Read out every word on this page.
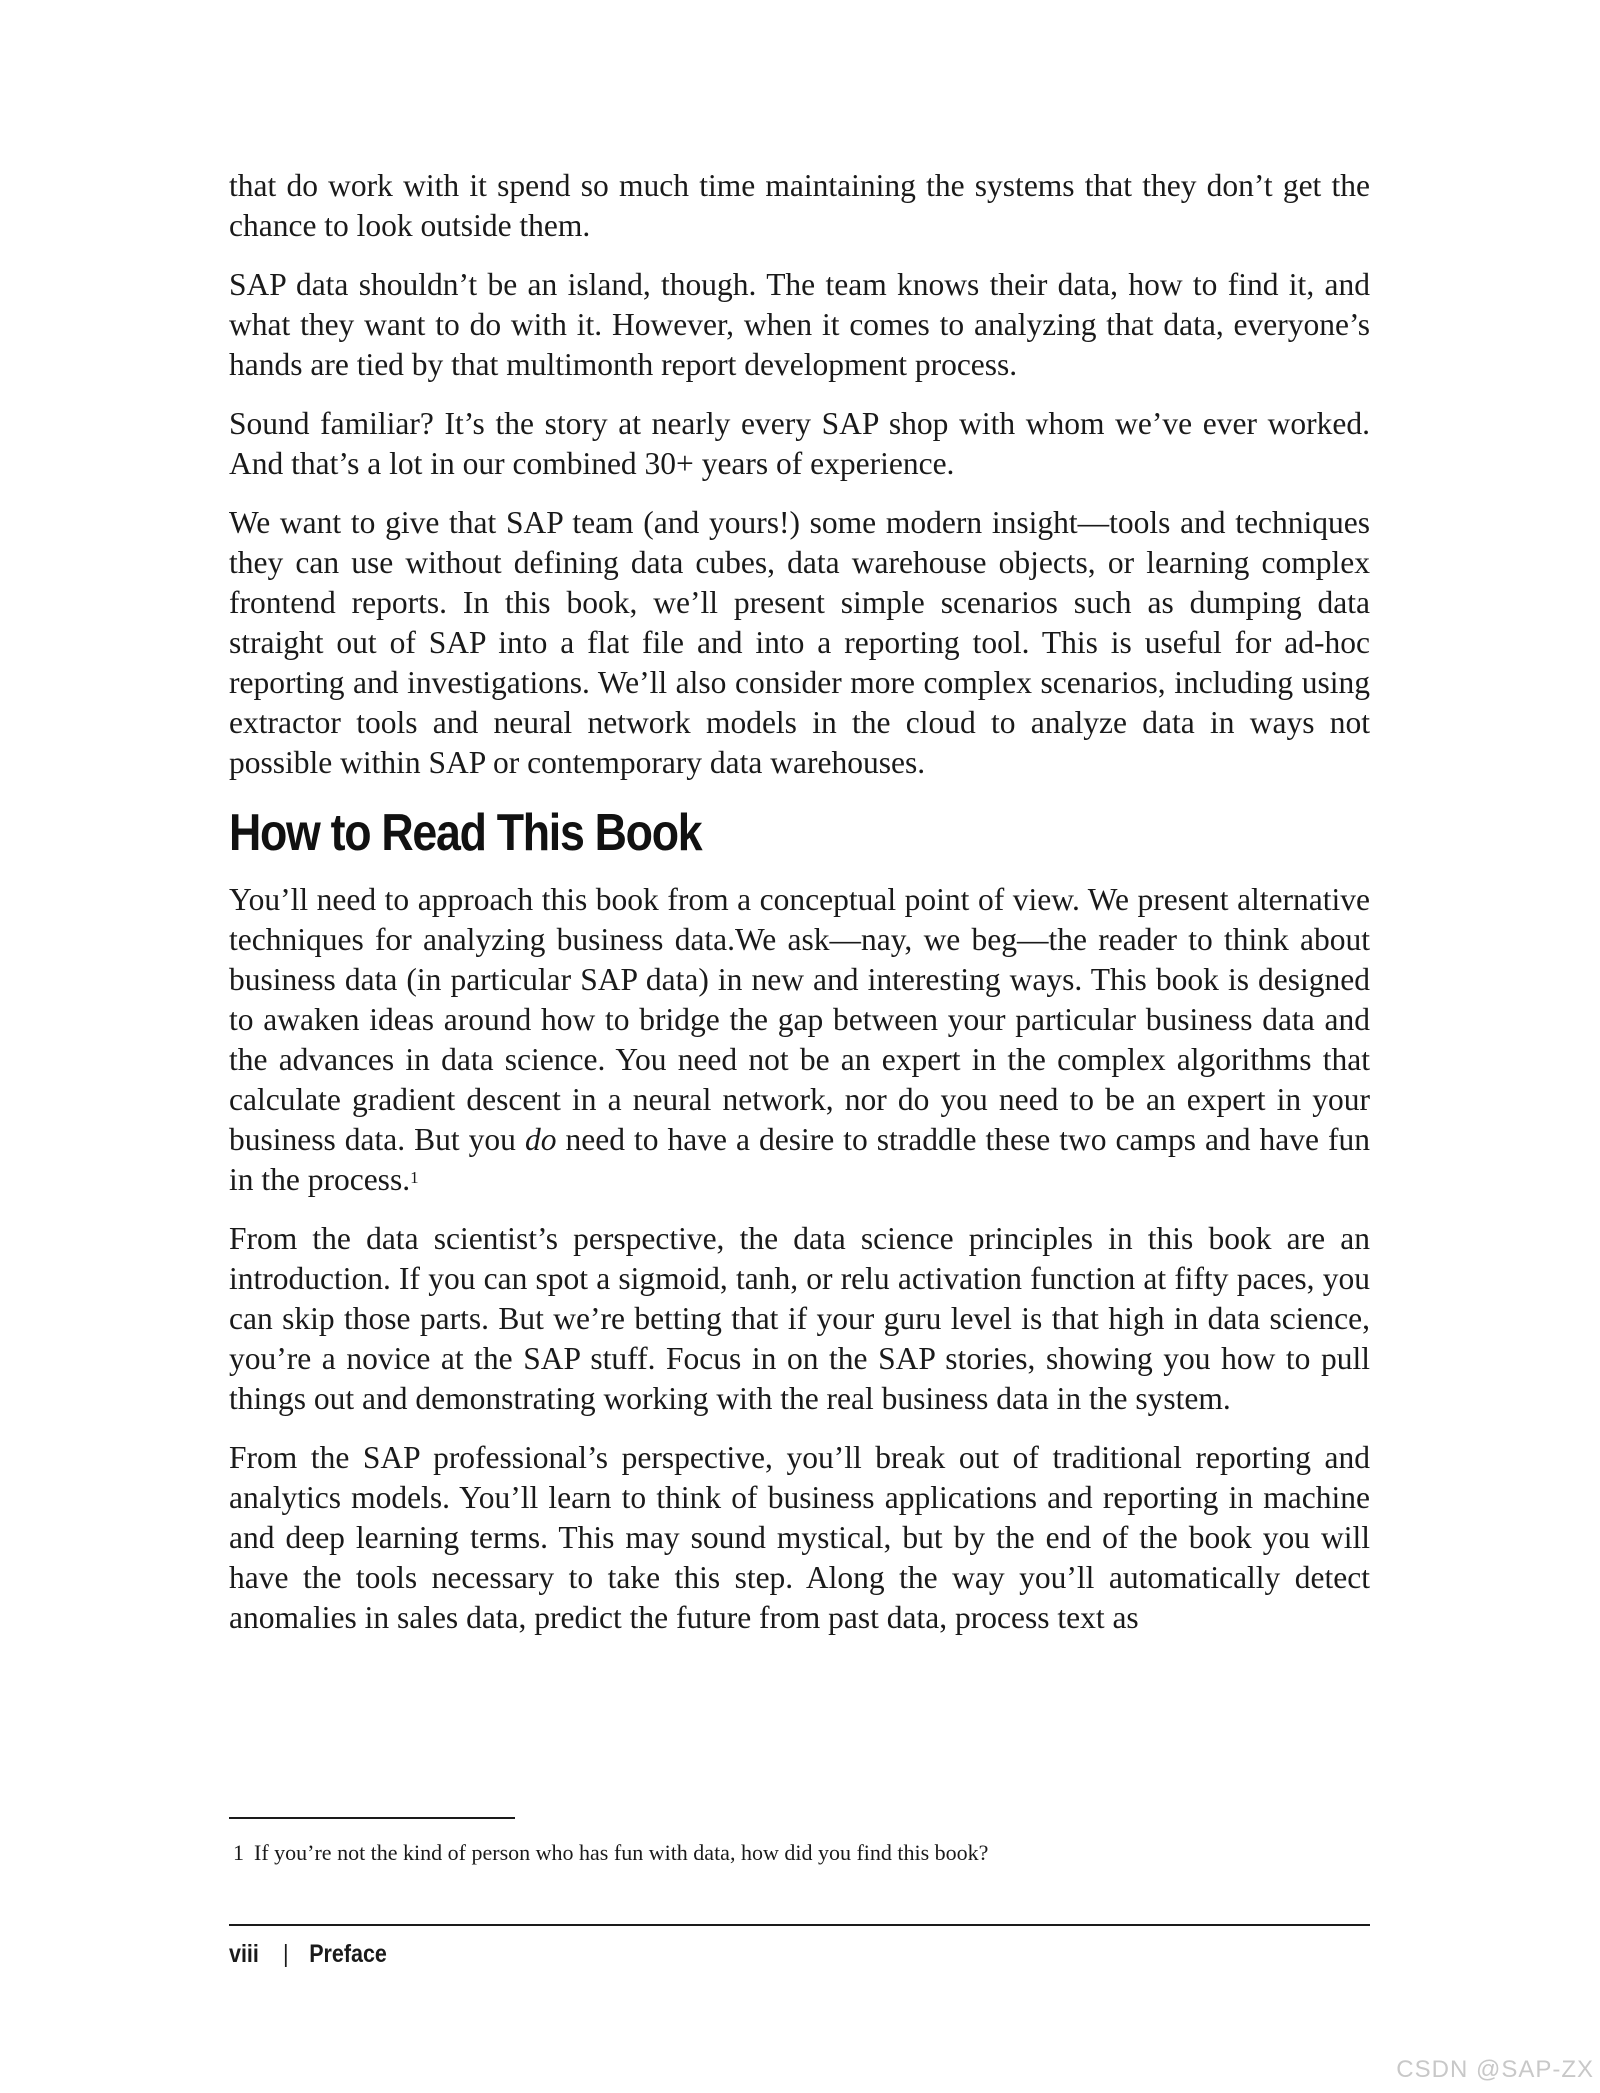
that do work with it spend so much time maintaining the systems that they don’t get the chance to look outside them.

SAP data shouldn’t be an island, though. The team knows their data, how to find it, and what they want to do with it. However, when it comes to analyzing that data, everyone’s hands are tied by that multimonth report development process.

Sound familiar? It’s the story at nearly every SAP shop with whom we’ve ever worked. And that’s a lot in our combined 30+ years of experience.

We want to give that SAP team (and yours!) some modern insight—tools and techniques they can use without defining data cubes, data warehouse objects, or learning complex frontend reports. In this book, we’ll present simple scenarios such as dumping data straight out of SAP into a flat file and into a reporting tool. This is useful for ad-hoc reporting and investigations. We’ll also consider more complex scenarios, including using extractor tools and neural network models in the cloud to analyze data in ways not possible within SAP or contemporary data warehouses.

How to Read This Book

You’ll need to approach this book from a conceptual point of view. We present alternative techniques for analyzing business data.We ask—nay, we beg—the reader to think about business data (in particular SAP data) in new and interesting ways. This book is designed to awaken ideas around how to bridge the gap between your particular business data and the advances in data science. You need not be an expert in the complex algorithms that calculate gradient descent in a neural network, nor do you need to be an expert in your business data. But you do need to have a desire to straddle these two camps and have fun in the process.$^1$

From the data scientist’s perspective, the data science principles in this book are an introduction. If you can spot a sigmoid, tanh, or relu activation function at fifty paces, you can skip those parts. But we’re betting that if your guru level is that high in data science, you’re a novice at the SAP stuff. Focus in on the SAP stories, showing you how to pull things out and demonstrating working with the real business data in the system.

From the SAP professional’s perspective, you’ll break out of traditional reporting and analytics models. You’ll learn to think of business applications and reporting in machine and deep learning terms. This may sound mystical, but by the end of the book you will have the tools necessary to take this step. Along the way you’ll automatically detect anomalies in sales data, predict the future from past data, process text as

1 If you’re not the kind of person who has fun with data, how did you find this book?
viii | Preface
CSDN @SAP-ZX
